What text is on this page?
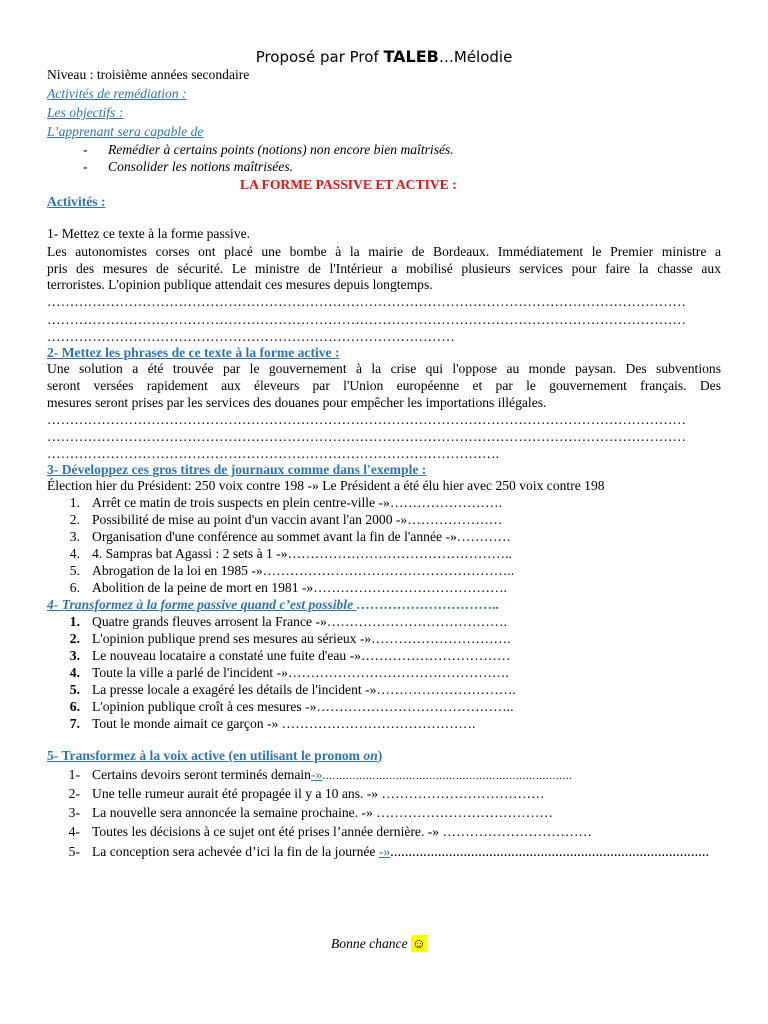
Proposé par Prof TALEB…Mélodie
Niveau : troisième années secondaire
Activités de remédiation :
Les objectifs :
L’apprenant sera capable de
- Remédier à certains points (notions) non encore bien maîtrisés.
- Consolider les notions maîtrisées.
LA FORME PASSIVE ET ACTIVE :
Activités :
1- Mettez ce texte à la forme passive.
Les autonomistes corses ont placé une bombe à la mairie de Bordeaux. Immédiatement le Premier ministre a
pris des mesures de sécurité. Le ministre de l'Intérieur a mobilisé plusieurs services pour faire la chasse aux
terroristes. L'opinion publique attendait ces mesures depuis longtemps.
……………………………………………………………………………………………………………………………
……………………………………………………………………………………………………………………………
………………………………………………………………………………
2- Mettez les phrases de ce texte à la forme active :
Une solution a été trouvée par le gouvernement à la crise qui l'oppose au monde paysan. Des subventions
seront versées rapidement aux éleveurs par l'Union européenne et par le gouvernement français. Des
mesures seront prises par les services des douanes pour empêcher les importations illégales.
……………………………………………………………………………………………………………………………
……………………………………………………………………………………………………………………………
……………………………………………………………………………………….
3- Développez ces gros titres de journaux comme dans l'exemple :
Élection hier du Président: 250 voix contre 198 -» Le Président a été élu hier avec 250 voix contre 198
1. Arrêt ce matin de trois suspects en plein centre-ville -»…………………….
2. Possibilité de mise au point d'un vaccin avant l'an 2000 -»…………………
3. Organisation d'une conférence au sommet avant la fin de l'année -»…………
4. 4. Sampras bat Agassi : 2 sets à 1 -»…………………………………………..
5. Abrogation de la loi en 1985 -»………………………………………………..
6. Abolition de la peine de mort en 1981 -»…………………………………….
4- Transformez à la forme passive quand c’est possible …………………………..
1. Quatre grands fleuves arrosent la France -»………………………………….
2. L'opinion publique prend ses mesures au sérieux -»………………………….
3. Le nouveau locataire a constaté une fuite d'eau -»……………………………
4. Toute la ville a parlé de l'incident -»………………………………………….
5. La presse locale a exagéré les détails de l'incident -»………………………….
6. L'opinion publique croît à ces mesures -»……………………………………..
7. Tout le monde aimait ce garçon -» …………………………………….
5- Transformez à la voix active (en utilisant le pronom on)
1- Certains devoirs seront terminés demain-»…………………………………………………………………
2- Une telle rumeur aurait été propagée il y a 10 ans. -» ………………………………
3- La nouvelle sera annoncée la semaine prochaine. -» …………………………………
4- Toutes les décisions à ce sujet ont été prises l’année dernière. -» ……………………………
5- La conception sera achevée d’ici la fin de la journée -»……………………………………………………………………………
Bonne chance ☺
